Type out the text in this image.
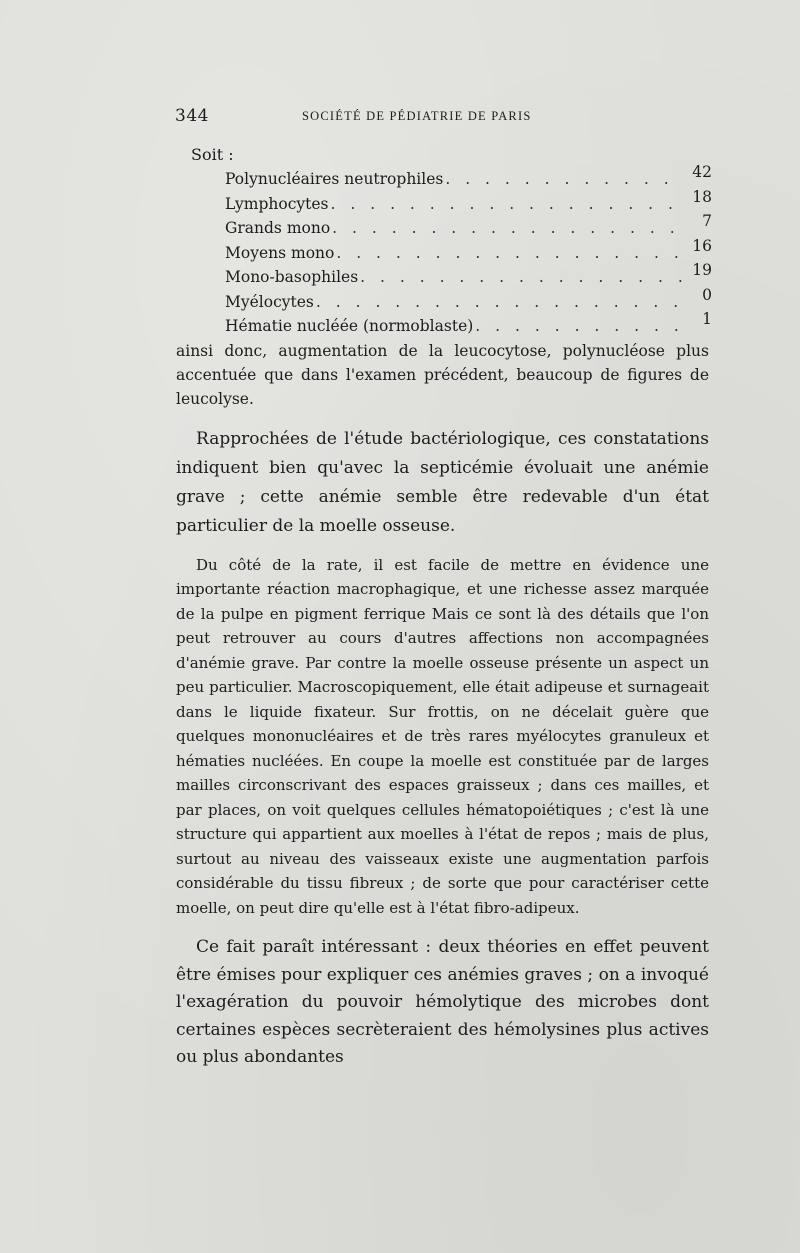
344	SOCIÉTÉ DE PÉDIATRIE DE PARIS
Soit :
Polynucléaires neutrophiles . . .	42
Lymphocytes . . .	18
Grands mono . . .	7
Moyens mono . . .	16
Mono-basophiles . . .	19
Myélocytes . . .	0
Hématie nucléée (normoblaste) . . .	1

ainsi donc, augmentation de la leucocytose, polynucléose plus accentuée que dans l'examen précédent, beaucoup de figures de leucolyse.

Rapprochées de l'étude bactériologique, ces constatations indiquent bien qu'avec la septicémie évoluait une anémie grave ; cette anémie semble être redevable d'un état particulier de la moelle osseuse.

Du côté de la rate, il est facile de mettre en évidence une importante réaction macrophagique, et une richesse assez marquée de la pulpe en pigment ferrique Mais ce sont là des détails que l'on peut retrouver au cours d'autres affections non accompagnées d'anémie grave. Par contre la moelle osseuse présente un aspect un peu particulier. Macroscopiquement, elle était adipeuse et surnageait dans le liquide fixateur. Sur frottis, on ne décelait guère que quelques mononucléaires et de très rares myélocytes granuleux et hématies nucléées. En coupe la moelle est constituée par de larges mailles circonscrivant des espaces graisseux ; dans ces mailles, et par places, on voit quelques cellules hématopoiétiques ; c'est là une structure qui appartient aux moelles à l'état de repos ; mais de plus, surtout au niveau des vaisseaux existe une augmentation parfois considérable du tissu fibreux ; de sorte que pour caractériser cette moelle, on peut dire qu'elle est à l'état fibro-adipeux.

Ce fait paraît intéressant : deux théories en effet peuvent être émises pour expliquer ces anémies graves ; on a invoqué l'exagération du pouvoir hémolytique des microbes dont certaines espèces secrèteraient des hémolysines plus actives ou plus abondantes
